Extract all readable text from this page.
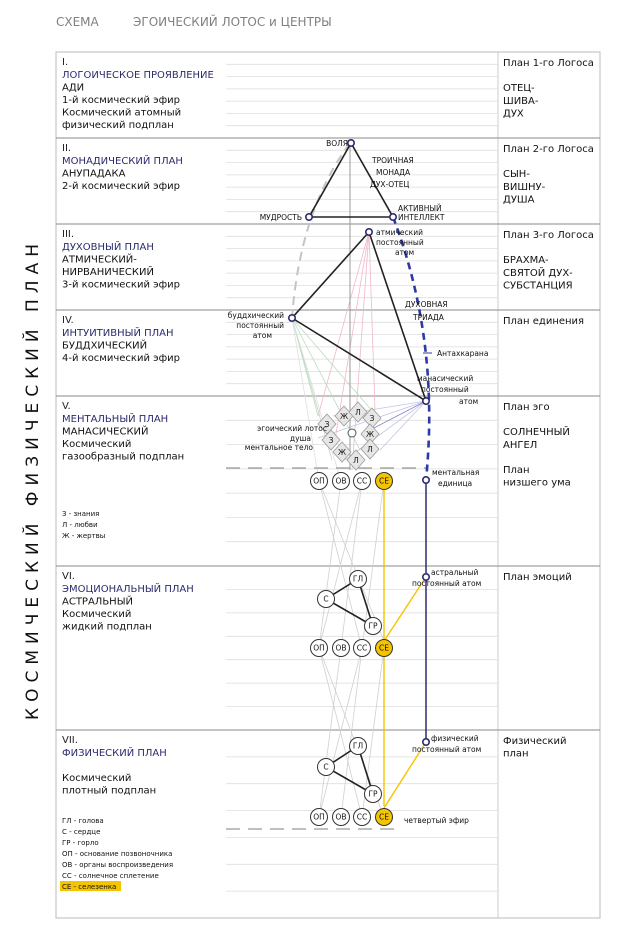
СХЕМА	ЭГОИЧЕСКИЙ ЛОТОС и ЦЕНТРЫ
КОСМИЧЕСКИЙ ФИЗИЧЕСКИЙ ПЛАН
I.
ЛОГОИЧЕСКОЕ ПРОЯВЛЕНИЕ
АДИ
1-й космический эфир
Космический атомный
физический подплан
II.
МОНАДИЧЕСКИЙ ПЛАН
АНУПАДАКА
2-й космический эфир
III.
ДУХОВНЫЙ ПЛАН
АТМИЧЕСКИЙ-
НИРВАНИЧЕСКИЙ
3-й космический эфир
IV.
ИНТУИТИВНЫЙ ПЛАН
БУДДХИЧЕСКИЙ
4-й космический эфир
V.
МЕНТАЛЬНЫЙ ПЛАН
МАНАСИЧЕСКИЙ
Космический
газообразный подплан
VI.
ЭМОЦИОНАЛЬНЫЙ ПЛАН
АСТРАЛЬНЫЙ
Космический
жидкий подплан
VII.
ФИЗИЧЕСКИЙ ПЛАН
Космический
плотный подплан
План 1-го Логоса
ОТЕЦ-
ШИВА-
ДУХ
План 2-го Логоса
СЫН-
ВИШНУ-
ДУША
План 3-го Логоса
БРАХМА-
СВЯТОЙ ДУХ-
СУБСТАНЦИЯ
План единения
План эго
СОЛНЕЧНЫЙ
АНГЕЛ
План
низшего ума
План эмоций
Физический
план
Ж Л
З
З
Ж
З
Л
Ж
Л
ОП ОВ СС СЕ
ОП ОВ СС СЕ
ОП ОВ СС СЕ
ГЛ
С
ГР
ГЛ
С
ГР
ВОЛЯ
ТРОИЧНАЯ
МОНАДА
ДУХ-ОТЕЦ
МУДРОСТЬ
АКТИВНЫЙ
ИНТЕЛЛЕКТ
атмический
постоянный
атом
буддхический
постоянный
атом
ДУХОВНАЯ
ТРИАДА
Антахкарана
манасический
постоянный
атом
эгоический лотос
душа
ментальное тело
ментальная
единица
астральный
постоянный атом
физический
постоянный атом
четвертый эфир
З - знания
Л - любви
Ж - жертвы
ГЛ - голова
С - сердце
ГР - горло
ОП - основание позвоночника
ОВ - органы воспроизведения
СС - солнечное сплетение
СЕ - селезенка
